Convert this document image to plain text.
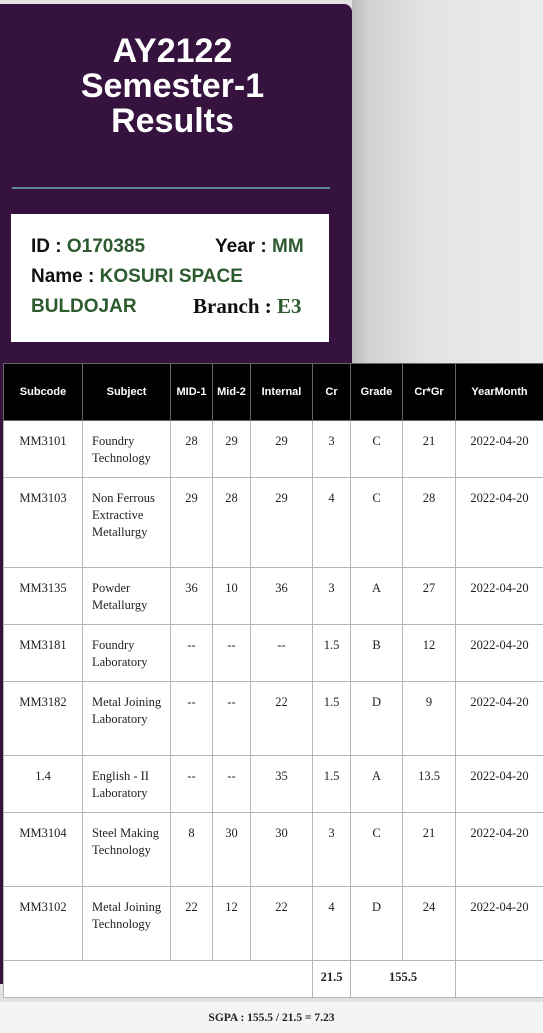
AY2122
Semester-1
Results
ID : O170385	Year : MM
Name : KOSURI SPACE
BULDOJAR	Branch : E3
Subcode	Subject	MID-1	Mid-2	Internal	Cr	Grade	Cr*Gr	YearMonth
MM3101	Foundry Technology	28	29	29	3	C	21	2022-04-20
MM3103	Non Ferrous Extractive Metallurgy	29	28	29	4	C	28	2022-04-20
MM3135	Powder Metallurgy	36	10	36	3	A	27	2022-04-20
MM3181	Foundry Laboratory	--	--	--	1.5	B	12	2022-04-20
MM3182	Metal Joining Laboratory	--	--	22	1.5	D	9	2022-04-20
1.4	English - II Laboratory	--	--	35	1.5	A	13.5	2022-04-20
MM3104	Steel Making Technology	8	30	30	3	C	21	2022-04-20
MM3102	Metal Joining Technology	22	12	22	4	D	24	2022-04-20
					21.5	155.5		
SGPA : 155.5 / 21.5 = 7.23
